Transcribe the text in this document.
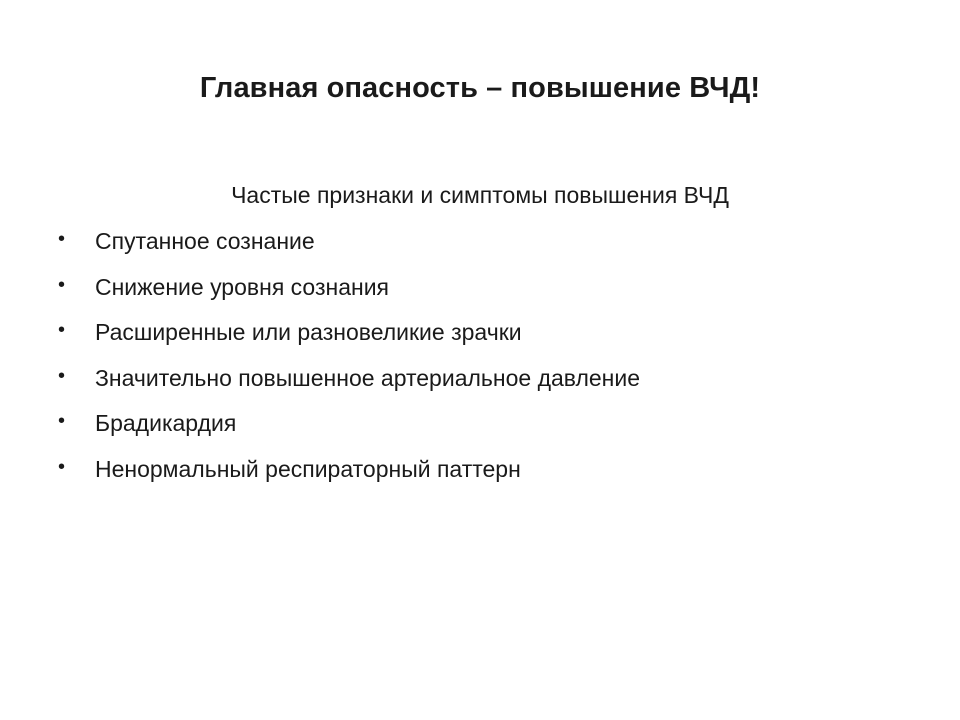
Главная опасность – повышение ВЧД!

Частые признаки и симптомы повышения ВЧД

•	Спутанное сознание
•	Снижение уровня сознания
•	Расширенные или разновеликие зрачки
•	Значительно повышенное артериальное давление
•	Брадикардия
•	Ненормальный респираторный паттерн
